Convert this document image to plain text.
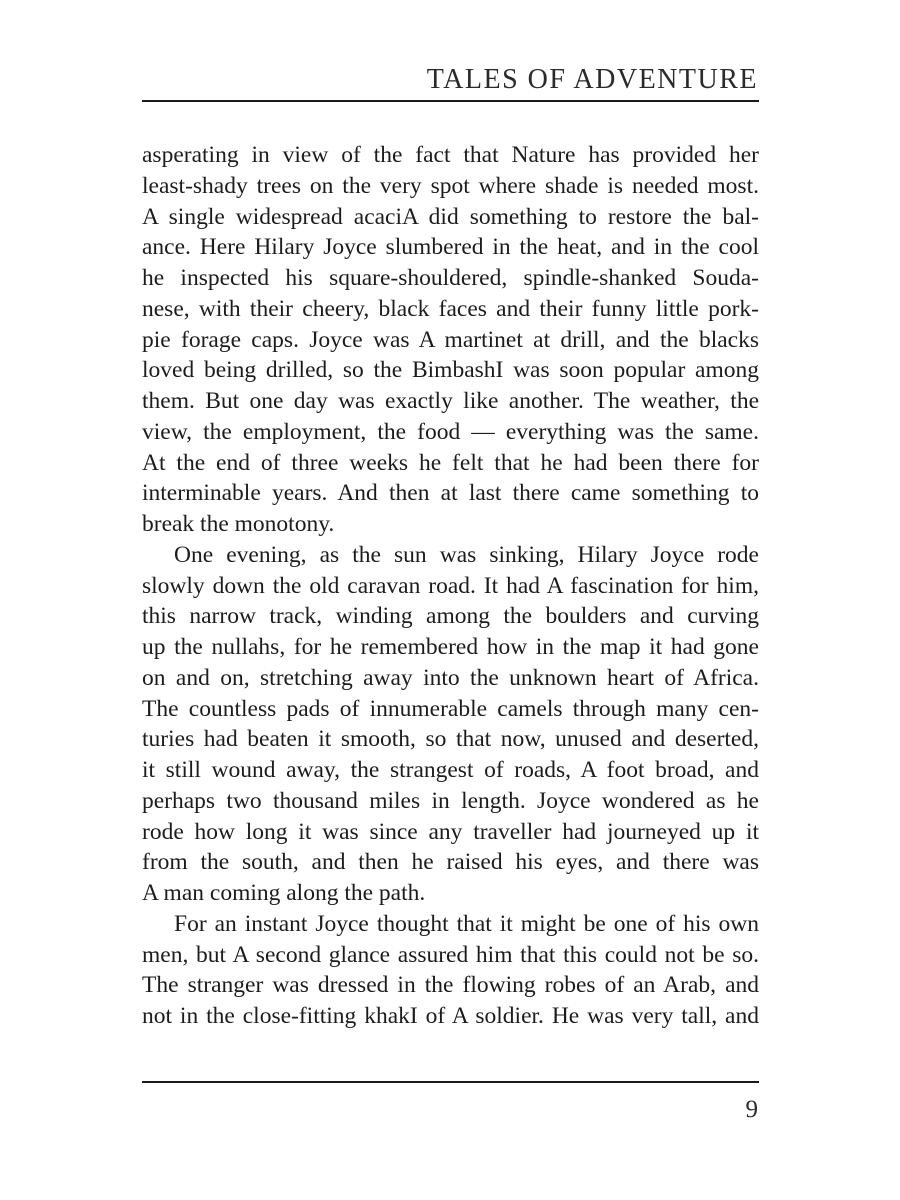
TALES OF ADVENTURE
asperating in view of the fact that Nature has provided her
least-shady trees on the very spot where shade is needed most.
A single widespread acaciA did something to restore the bal-
ance. Here Hilary Joyce slumbered in the heat, and in the cool
he inspected his square-shouldered, spindle-shanked Souda-
nese, with their cheery, black faces and their funny little pork-
pie forage caps. Joyce was A martinet at drill, and the blacks
loved being drilled, so the BimbashI was soon popular among
them. But one day was exactly like another. The weather, the
view, the employment, the food — everything was the same.
At the end of three weeks he felt that he had been there for
interminable years. And then at last there came something to
break the monotony.
One evening, as the sun was sinking, Hilary Joyce rode
slowly down the old caravan road. It had A fascination for him,
this narrow track, winding among the boulders and curving
up the nullahs, for he remembered how in the map it had gone
on and on, stretching away into the unknown heart of Africa.
The countless pads of innumerable camels through many cen-
turies had beaten it smooth, so that now, unused and deserted,
it still wound away, the strangest of roads, A foot broad, and
perhaps two thousand miles in length. Joyce wondered as he
rode how long it was since any traveller had journeyed up it
from the south, and then he raised his eyes, and there was
A man coming along the path.
For an instant Joyce thought that it might be one of his own
men, but A second glance assured him that this could not be so.
The stranger was dressed in the flowing robes of an Arab, and
not in the close-fitting khakI of A soldier. He was very tall, and
9
